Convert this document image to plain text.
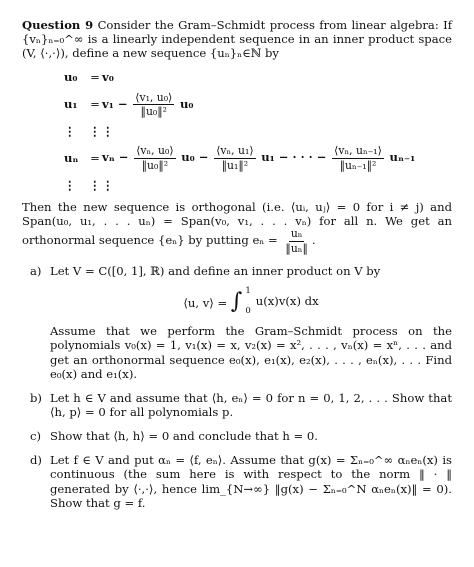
Question 9 Consider the Gram–Schmidt process from linear algebra: If {vₙ}ₙ₌₀^∞ is a linearly independent sequence in an inner product space (V, ⟨·,·⟩), define a new sequence {uₙ}ₙ∈ℕ by

u₀	= v₀
u₁	= $v_1 - \frac{\text{⟨v₁, u₀⟩}}{\text{‖u₀‖²}} u_0$
⋮	⋮ ⋮
uₙ	= $v_n - \frac{\text{⟨vₙ, u₀⟩}}{\text{‖u₀‖²}} u_0 - \frac{\text{⟨vₙ, u₁⟩}}{\text{‖u₁‖²}} u_1$ − · · · − $\frac{\text{⟨vₙ, uₙ₋₁⟩}}{\text{‖uₙ₋₁‖²}} u_{n-1}$
⋮	⋮ ⋮

Then the new sequence is orthogonal (i.e. ⟨uᵢ, uⱼ⟩ = 0 for i ≠ j) and Span(u₀, u₁, . . . uₙ) = Span(v₀, v₁, . . . vₙ) for all n. We get an orthonormal sequence {eₙ} by putting $e_n = \frac{\text{uₙ}}{\text{‖uₙ‖}}$ .

a) Let V = C([0, 1], ℝ) and define an inner product on V by
⟨u, v⟩ = ∫ 1
0
u(x)v(x) dx
Assume that we perform the Gram–Schmidt process on the polynomials v₀(x) = 1, v₁(x) = x, v₂(x) = x², . . . , vₙ(x) = xⁿ, . . . and get an orthonormal sequence e₀(x), e₁(x), e₂(x), . . . , eₙ(x), . . . Find e₀(x) and e₁(x).
b) Let h ∈ V and assume that ⟨h, eₙ⟩ = 0 for n = 0, 1, 2, . . . Show that ⟨h, p⟩ = 0 for all polynomials p.
c) Show that ⟨h, h⟩ = 0 and conclude that h = 0.
d) Let f ∈ V and put αₙ = ⟨f, eₙ⟩. Assume that g(x) = Σₙ₌₀^∞ αₙeₙ(x) is continuous (the sum here is with respect to the norm ‖ · ‖ generated by ⟨·,·⟩, hence lim_{N→∞} ‖g(x) − Σₙ₌₀^N αₙeₙ(x)‖ = 0). Show that g = f.
